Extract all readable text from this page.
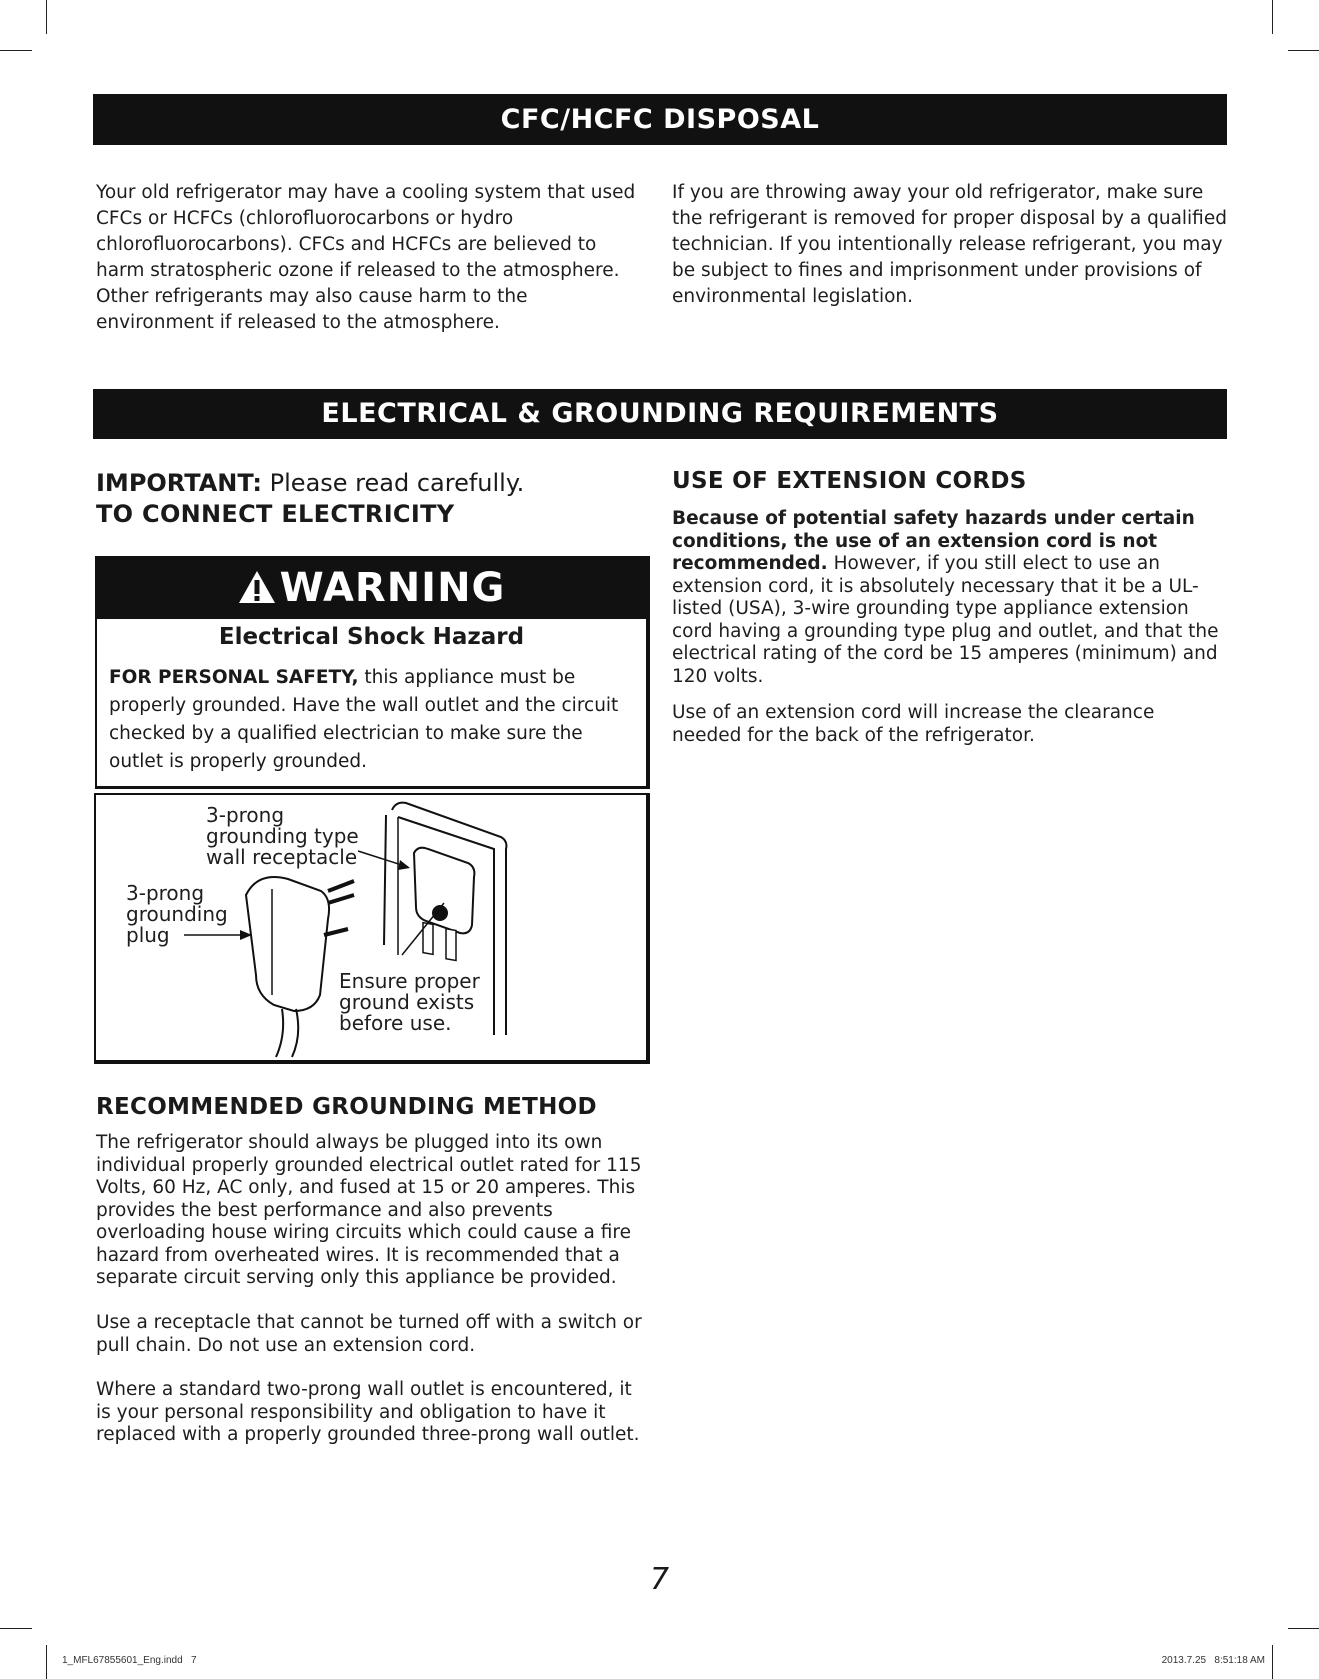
CFC/HCFC DISPOSAL
Your old refrigerator may have a cooling system that used CFCs or HCFCs (chlorofluorocarbons or hydro chlorofluorocarbons). CFCs and HCFCs are believed to harm stratospheric ozone if released to the atmosphere. Other refrigerants may also cause harm to the environment if released to the atmosphere.
If you are throwing away your old refrigerator, make sure the refrigerant is removed for proper disposal by a qualified technician. If you intentionally release refrigerant, you may be subject to fines and imprisonment under provisions of environmental legislation.
ELECTRICAL & GROUNDING REQUIREMENTS
IMPORTANT: Please read carefully.
TO CONNECT ELECTRICITY
WARNING
Electrical Shock Hazard
FOR PERSONAL SAFETY, this appliance must be properly grounded. Have the wall outlet and the circuit checked by a qualified electrician to make sure the outlet is properly grounded.
3-prong
grounding type
wall receptacle
3-prong
grounding
plug
Ensure proper
ground exists
before use.
RECOMMENDED GROUNDING METHOD
The refrigerator should always be plugged into its own individual properly grounded electrical outlet rated for 115 Volts, 60 Hz, AC only, and fused at 15 or 20 amperes. This provides the best performance and also prevents overloading house wiring circuits which could cause a fire hazard from overheated wires. It is recommended that a separate circuit serving only this appliance be provided.
Use a receptacle that cannot be turned off with a switch or pull chain. Do not use an extension cord.
Where a standard two-prong wall outlet is encountered, it is your personal responsibility and obligation to have it replaced with a properly grounded three-prong wall outlet.
USE OF EXTENSION CORDS
Because of potential safety hazards under certain conditions, the use of an extension cord is not recommended. However, if you still elect to use an extension cord, it is absolutely necessary that it be a UL-listed (USA), 3-wire grounding type appliance extension cord having a grounding type plug and outlet, and that the electrical rating of the cord be 15 amperes (minimum) and 120 volts.
Use of an extension cord will increase the clearance needed for the back of the refrigerator.
7
1_MFL67855601_Eng.indd   7	2013.7.25   8:51:18 AM
